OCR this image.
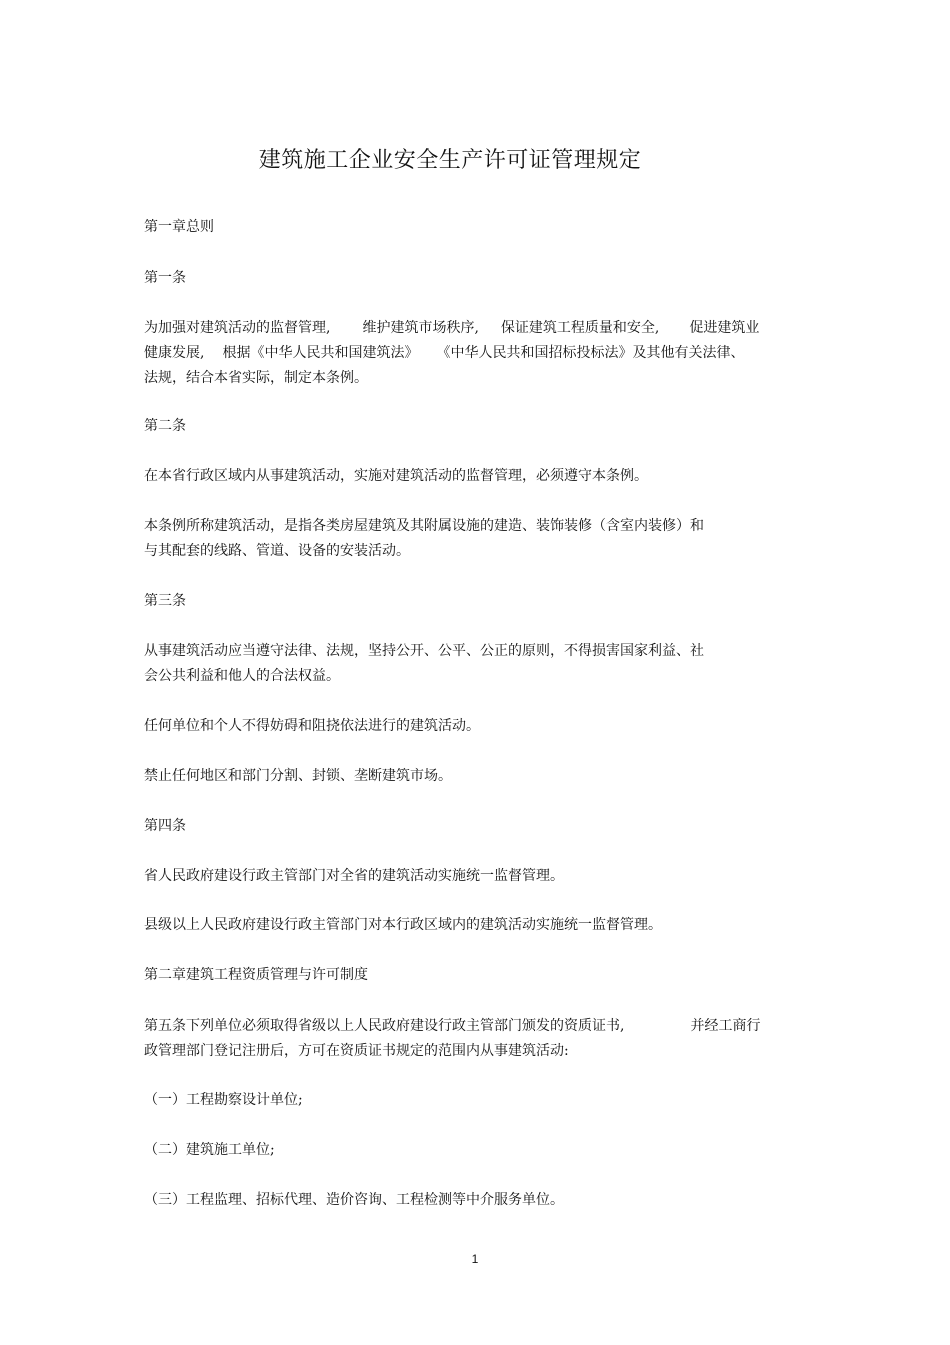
建筑施工企业安全生产许可证管理规定
第一章总则
第一条
为加强对建筑活动的监督管理, 维护建筑市场秩序, 保证建筑工程质量和安全, 促进建筑业
健康发展, 根据《中华人民共和国建筑法》 《中华人民共和国招标投标法》及其他有关法律、
法规，结合本省实际，制定本条例。
第二条
在本省行政区域内从事建筑活动，实施对建筑活动的监督管理，必须遵守本条例。
本条例所称建筑活动，是指各类房屋建筑及其附属设施的建造、装饰装修（含室内装修）和
与其配套的线路、管道、设备的安装活动。
第三条
从事建筑活动应当遵守法律、法规，坚持公开、公平、公正的原则，不得损害国家利益、社
会公共利益和他人的合法权益。
任何单位和个人不得妨碍和阻挠依法进行的建筑活动。
禁止任何地区和部门分割、封锁、垄断建筑市场。
第四条
省人民政府建设行政主管部门对全省的建筑活动实施统一监督管理。
县级以上人民政府建设行政主管部门对本行政区域内的建筑活动实施统一监督管理。
第二章建筑工程资质管理与许可制度
第五条下列单位必须取得省级以上人民政府建设行政主管部门颁发的资质证书,	并经工商行
政管理部门登记注册后，方可在资质证书规定的范围内从事建筑活动:
（一）工程勘察设计单位;
（二）建筑施工单位;
（三）工程监理、招标代理、造价咨询、工程检测等中介服务单位。
1
